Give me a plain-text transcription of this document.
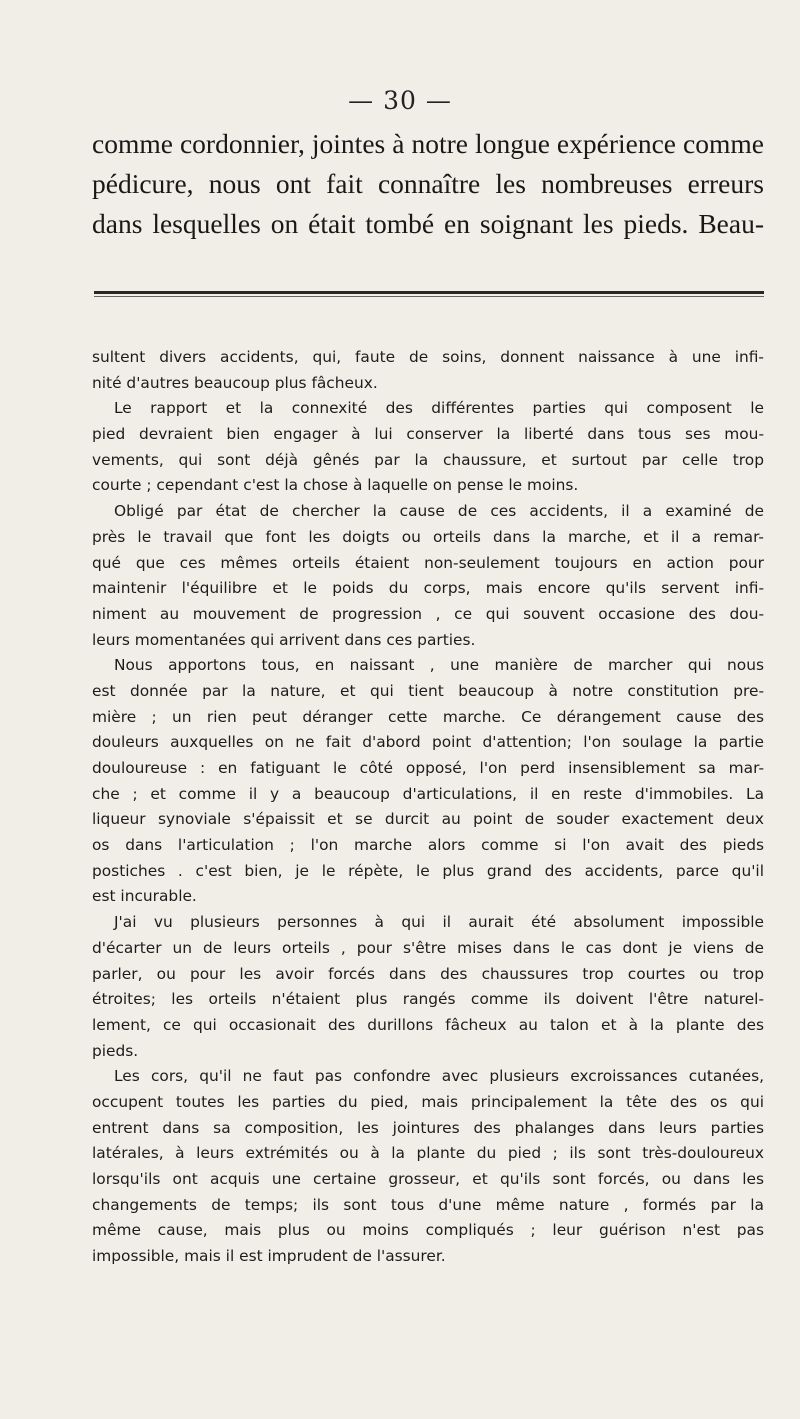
— 30 —
comme cordonnier, jointes à notre longue expérience comme
pédicure, nous ont fait connaître les nombreuses erreurs
dans lesquelles on était tombé en soignant les pieds. Beau-
sultent divers accidents, qui, faute de soins, donnent naissance à une infi-
nité d'autres beaucoup plus fâcheux.
Le rapport et la connexité des différentes parties qui composent le
pied devraient bien engager à lui conserver la liberté dans tous ses mou-
vements, qui sont déjà gênés par la chaussure, et surtout par celle trop
courte ; cependant c'est la chose à laquelle on pense le moins.
Obligé par état de chercher la cause de ces accidents, il a examiné de
près le travail que font les doigts ou orteils dans la marche, et il a remar-
qué que ces mêmes orteils étaient non-seulement toujours en action pour
maintenir l'équilibre et le poids du corps, mais encore qu'ils servent infi-
niment au mouvement de progression , ce qui souvent occasione des dou-
leurs momentanées qui arrivent dans ces parties.
Nous apportons tous, en naissant , une manière de marcher qui nous
est donnée par la nature, et qui tient beaucoup à notre constitution pre-
mière ; un rien peut déranger cette marche. Ce dérangement cause des
douleurs auxquelles on ne fait d'abord point d'attention; l'on soulage la partie
douloureuse : en fatiguant le côté opposé, l'on perd insensiblement sa mar-
che ; et comme il y a beaucoup d'articulations, il en reste d'immobiles. La
liqueur synoviale s'épaissit et se durcit au point de souder exactement deux
os dans l'articulation ; l'on marche alors comme si l'on avait des pieds
postiches . c'est bien, je le répète, le plus grand des accidents, parce qu'il
est incurable.
J'ai vu plusieurs personnes à qui il aurait été absolument impossible
d'écarter un de leurs orteils , pour s'être mises dans le cas dont je viens de
parler, ou pour les avoir forcés dans des chaussures trop courtes ou trop
étroites; les orteils n'étaient plus rangés comme ils doivent l'être naturel-
lement, ce qui occasionait des durillons fâcheux au talon et à la plante des
pieds.
Les cors, qu'il ne faut pas confondre avec plusieurs excroissances cutanées,
occupent toutes les parties du pied, mais principalement la tête des os qui
entrent dans sa composition, les jointures des phalanges dans leurs parties
latérales, à leurs extrémités ou à la plante du pied ; ils sont très-douloureux
lorsqu'ils ont acquis une certaine grosseur, et qu'ils sont forcés, ou dans les
changements de temps; ils sont tous d'une même nature , formés par la
même cause, mais plus ou moins compliqués ; leur guérison n'est pas
impossible, mais il est imprudent de l'assurer.
